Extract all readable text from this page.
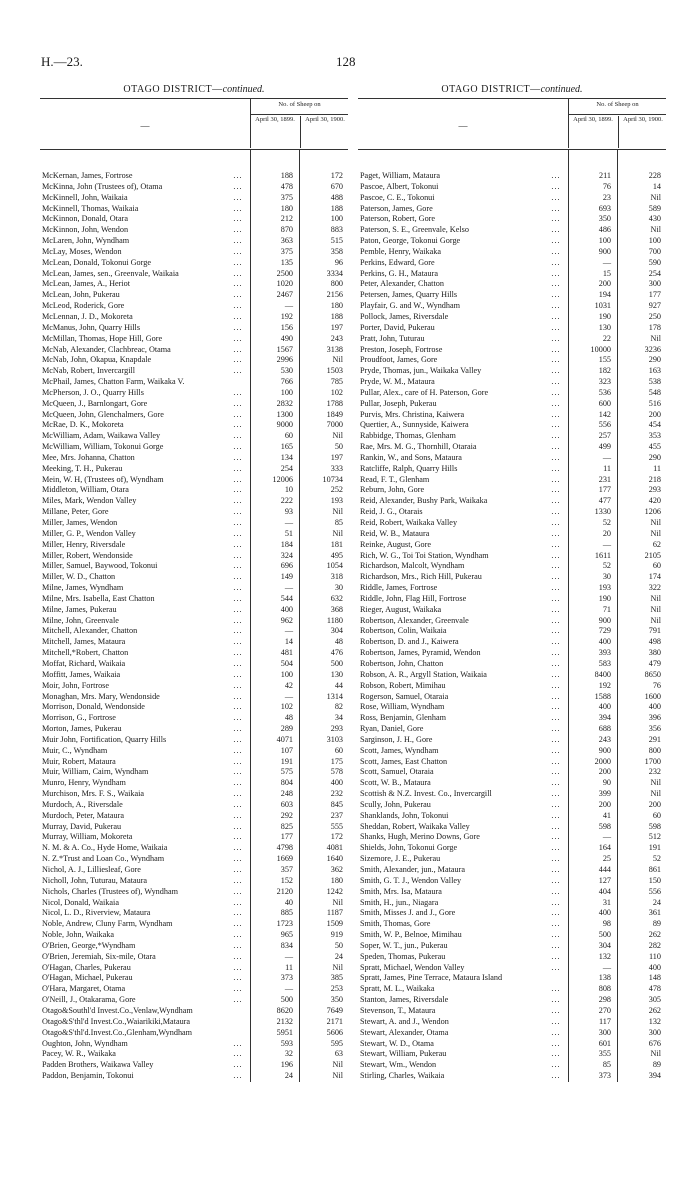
H.—23.	128
OTAGO DISTRICT—continued.
—
No. of Sheep on
April 30, 1899.	April 30, 1900.
McKernan, James, Fortrose	...	188	172
McKinna, John (Trustees of), Otama	...	478	670
McKinnell, John, Waikaia	...	375	488
McKinnell, Thomas, Waikaia	...	180	188
McKinnon, Donald, Otara	...	212	100
McKinnon, John, Wendon	...	870	883
McLaren, John, Wyndham	...	363	515
McLay, Moses, Wendon	...	375	358
McLean, Donald, Tokonui Gorge	...	135	96
McLean, James, sen., Greenvale, Waikaia	...	2500	3334
McLean, James, A., Heriot	...	1020	800
McLean, John, Pukerau	...	2467	2156
McLeod, Roderick, Gore	...	—	180
McLennan, J. D., Mokoreta	...	192	188
McManus, John, Quarry Hills	...	156	197
McMillan, Thomas, Hope Hill, Gore	...	490	243
McNab, Alexander, Clachbreac, Otama	...	1567	3138
McNab, John, Okapua, Knapdale	...	2996	Nil
McNab, Robert, Invercargill	...	530	1503
McPhail, James, Chatton Farm, Waikaka V.	766	785
McPherson, J. O., Quarry Hills	...	100	102
McQueen, J., Barnlongart, Gore	...	2832	1788
McQueen, John, Glenchalmers, Gore	...	1300	1849
McRae, D. K., Mokoreta	...	9000	7000
McWilliam, Adam, Waikawa Valley	...	60	Nil
McWilliam, William, Tokonui Gorge	...	165	50
Mee, Mrs. Johanna, Chatton	...	134	197
Meeking, T. H., Pukerau	...	254	333
Mein, W. H, (Trustees of), Wyndham	...	12006	10734
Middleton, William, Otara	...	10	252
Miles, Mark, Wendon Valley	...	222	193
Millane, Peter, Gore	...	93	Nil
Miller, James, Wendon	...	—	85
Miller, G. P., Wendon Valley	...	51	Nil
Miller, Henry, Riversdale	...	184	181
Miller, Robert, Wendonside	...	324	495
Miller, Samuel, Baywood, Tokonui	...	696	1054
Miller, W. D., Chatton	...	149	318
Milne, James, Wyndham	...	—	30
Milne, Mrs. Isabella, East Chatton	...	544	632
Milne, James, Pukerau	...	400	368
Milne, John, Greenvale	...	962	1180
Mitchell, Alexander, Chatton	...	—	304
Mitchell, James, Mataura	...	14	48
Mitchell,*Robert, Chatton	...	481	476
Moffat, Richard, Waikaia	...	504	500
Moffitt, James, Waikaia	...	100	130
Moir, John, Fortrose	...	42	44
Monaghan, Mrs. Mary, Wendonside	...	—	1314
Morrison, Donald, Wendonside	...	102	82
Morrison, G., Fortrose	...	48	34
Morton, James, Pukerau	...	289	293
Muir John, Fortification, Quarry Hills	...	4071	3103
Muir, C., Wyndham	...	107	60
Muir, Robert, Mataura	...	191	175
Muir, William, Cairn, Wyndham	...	575	578
Munro, Henry, Wyndham	...	804	400
Murchison, Mrs. F. S., Waikaia	...	248	232
Murdoch, A., Riversdale	...	603	845
Murdoch, Peter, Mataura	...	292	237
Murray, David, Pukerau	...	825	555
Murray, William, Mokoreta	...	177	172
N. M. & A. Co., Hyde Home, Waikaia	...	4798	4081
N. Z.*Trust and Loan Co., Wyndham	...	1669	1640
Nichol, A. J., Lilliesleaf, Gore	...	357	362
Nicholl, John, Tuturau, Mataura	...	152	180
Nichols, Charles (Trustees of), Wyndham	...	2120	1242
Nicol, Donald, Waikaia	...	40	Nil
Nicol, L. D., Riverview, Mataura	...	885	1187
Noble, Andrew, Cluny Farm, Wyndham	...	1723	1509
Noble, John, Waikaka	...	965	919
O'Brien, George,*Wyndham	...	834	50
O'Brien, Jeremiah, Six-mile, Otara	...	—	24
O'Hagan, Charles, Pukerau	...	11	Nil
O'Hagan, Michael, Pukerau	...	373	385
O'Hara, Margaret, Otama	...	—	253
O'Neill, J., Otakarama, Gore	...	500	350
Otago&Southl'd Invest.Co.,Venlaw,Wyndham	8620	7649
Otago&S'thl'd Invest.Co.,Waiarikiki,Mataura	2132	2171
Otago&S'thl'd.Invest.Co.,Glenham,Wyndham	5951	5606
Oughton, John, Wyndham	...	593	595
Pacey, W. R., Waikaka	...	32	63
Padden Brothers, Waikawa Valley	...	196	Nil
Paddon, Benjamin, Tokonui	...	24	Nil
OTAGO DISTRICT—continued.
—
No. of Sheep on
April 30, 1899.	April 30, 1900.
Paget, William, Mataura	...	211	228
Pascoe, Albert, Tokonui	...	76	14
Pascoe, C. E., Tokonui	...	23	Nil
Paterson, James, Gore	...	693	589
Paterson, Robert, Gore	...	350	430
Paterson, S. E., Greenvale, Kelso	...	486	Nil
Paton, George, Tokonui Gorge	...	100	100
Pemble, Henry, Waikaka	...	900	700
Perkins, Edward, Gore	...	—	590
Perkins, G. H., Mataura	...	15	254
Peter, Alexander, Chatton	...	200	300
Petersen, James, Quarry Hills	...	194	177
Playfair, G. and W., Wyndham	...	1031	927
Pollock, James, Riversdale	...	190	250
Porter, David, Pukerau	...	130	178
Pratt, John, Tuturau	...	22	Nil
Preston, Joseph, Fortrose	...	10000	3236
Proudfoot, James, Gore	...	155	290
Pryde, Thomas, jun., Waikaka Valley	...	182	163
Pryde, W. M., Mataura	...	323	538
Pullar, Alex., care of H. Paterson, Gore	...	536	548
Pullar, Joseph, Pukerau	...	600	516
Purvis, Mrs. Christina, Kaiwera	...	142	200
Quertier, A., Sunnyside, Kaiwera	...	556	454
Rabbidge, Thomas, Glenham	...	257	353
Rae, Mrs. M. G., Thornhill, Otaraia	...	499	455
Rankin, W., and Sons, Mataura	...	—	290
Ratcliffe, Ralph, Quarry Hills	...	11	11
Read, F. T., Glenham	...	231	218
Reburn, John, Gore	...	177	293
Reid, Alexander, Bushy Park, Waikaka	...	477	420
Reid, J. G., Otarais	...	1330	1206
Reid, Robert, Waikaka Valley	...	52	Nil
Reid, W. B., Mataura	...	20	Nil
Reinke, August, Gore	...	—	62
Rich, W. G., Toi Toi Station, Wyndham	...	1611	2105
Richardson, Malcolt, Wyndham	...	52	60
Richardson, Mrs., Rich Hill, Pukerau	...	30	174
Riddle, James, Fortrose	...	193	322
Riddle, John, Flag Hill, Fortrose	...	190	Nil
Rieger, August, Waikaka	...	71	Nil
Robertson, Alexander, Greenvale	...	900	Nil
Robertson, Colin, Waikaia	...	729	791
Robertson, D. and J., Kaiwera	...	400	498
Robertson, James, Pyramid, Wendon	...	393	380
Robertson, John, Chatton	...	583	479
Robson, A. R., Argyll Station, Waikaia	...	8400	8650
Robson, Robert, Mimihau	...	192	76
Rogerson, Samuel, Otaraia	...	1588	1600
Rose, William, Wyndham	...	400	400
Ross, Benjamin, Glenham	...	394	396
Ryan, Daniel, Gore	...	688	356
Sarginson, J. H., Gore	...	243	291
Scott, James, Wyndham	...	900	800
Scott, James, East Chatton	...	2000	1700
Scott, Samuel, Otaraia	...	200	232
Scott, W. B., Mataura	...	90	Nil
Scottish & N.Z. Invest. Co., Invercargill	...	399	Nil
Scully, John, Pukerau	...	200	200
Shanklands, John, Tokonui	...	41	60
Sheddan, Robert, Waikaka Valley	...	598	598
Shanks, Hugh, Merino Downs, Gore	...	—	512
Shields, John, Tokonui Gorge	...	164	191
Sizemore, J. E., Pukerau	...	25	52
Smith, Alexander, jun., Mataura	...	444	861
Smith, G. T. J., Wendon Valley	...	127	150
Smith, Mrs. Isa, Mataura	...	404	556
Smith, H., jun., Niagara	...	31	24
Smith, Misses J. and J., Gore	...	400	361
Smith, Thomas, Gore	...	98	89
Smith, W. P., Belnoe, Mimihau	...	500	262
Soper, W. T., jun., Pukerau	...	304	282
Speden, Thomas, Pukerau	...	132	110
Spratt, Michael, Wendon Valley	...	—	400
Spratt, James, Pine Terrace, Mataura Island	138	148
Spratt, M. L., Waikaka	...	808	478
Stanton, James, Riversdale	...	298	305
Stevenson, T., Mataura	...	270	262
Stewart, A. and J., Wendon	...	117	132
Stewart, Alexander, Otama	...	300	300
Stewart, W. D., Otama	...	601	676
Stewart, William, Pukerau	...	355	Nil
Stewart, Wm., Wendon	...	85	89
Stirling, Charles, Waikaia	...	373	394
